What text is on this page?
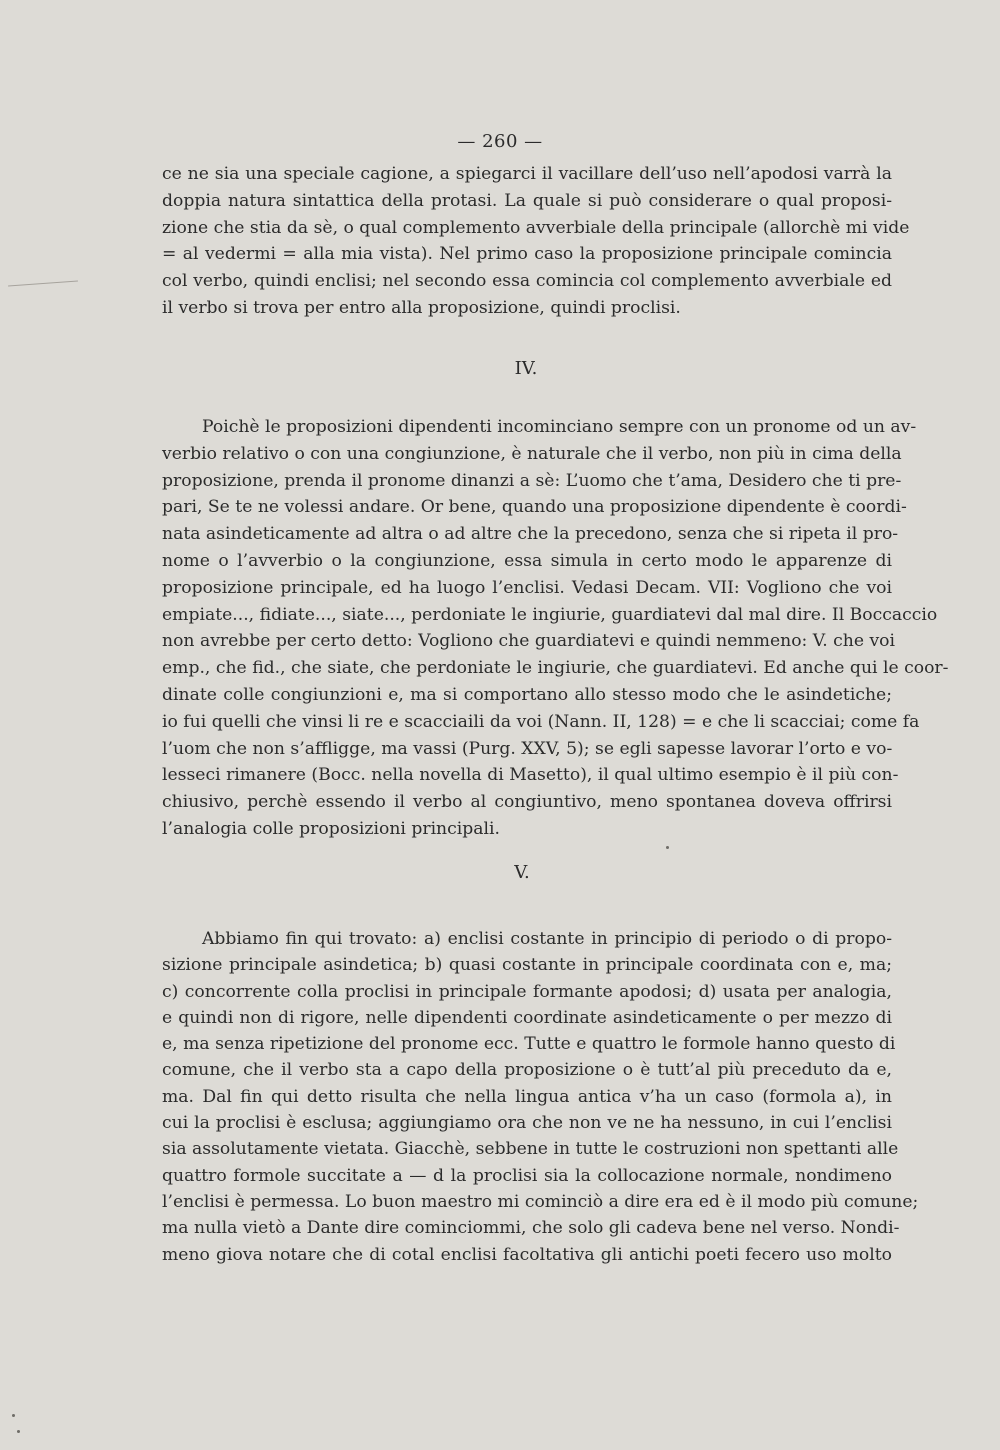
— 260 —
ce ne sia una speciale cagione, a spiegarci il vacillare dell’uso nell’apodosi varrà la
doppia natura sintattica della protasi. La quale si può considerare o qual proposi-
zione che stia da sè, o qual complemento avverbiale della principale (allorchè mi vide
= al vedermi = alla mia vista). Nel primo caso la proposizione principale comincia
col verbo, quindi enclisi; nel secondo essa comincia col complemento avverbiale ed
il verbo si trova per entro alla proposizione, quindi proclisi.
IV.
Poichè le proposizioni dipendenti incominciano sempre con un pronome od un av-
verbio relativo o con una congiunzione, è naturale che il verbo, non più in cima della
proposizione, prenda il pronome dinanzi a sè: L’uomo che t’ama, Desidero che ti pre-
pari, Se te ne volessi andare. Or bene, quando una proposizione dipendente è coordi-
nata asindeticamente ad altra o ad altre che la precedono, senza che si ripeta il pro-
nome o l’avverbio o la congiunzione, essa simula in certo modo le apparenze di
proposizione principale, ed ha luogo l’enclisi. Vedasi Decam. VII: Vogliono che voi
empiate..., fidiate..., siate..., perdoniate le ingiurie, guardiatevi dal mal dire. Il Boccaccio
non avrebbe per certo detto: Vogliono che guardiatevi e quindi nemmeno: V. che voi
emp., che fid., che siate, che perdoniate le ingiurie, che guardiatevi. Ed anche qui le coor-
dinate colle congiunzioni e, ma si comportano allo stesso modo che le asindetiche;
io fui quelli che vinsi li re e scacciaili da voi (Nann. II, 128) = e che li scacciai; come fa
l’uom che non s’affligge, ma vassi (Purg. XXV, 5); se egli sapesse lavorar l’orto e vo-
lesseci rimanere (Bocc. nella novella di Masetto), il qual ultimo esempio è il più con-
chiusivo, perchè essendo il verbo al congiuntivo, meno spontanea doveva offrirsi
l’analogia colle proposizioni principali.
V.
Abbiamo fin qui trovato: a) enclisi costante in principio di periodo o di propo-
sizione principale asindetica; b) quasi costante in principale coordinata con e, ma;
c) concorrente colla proclisi in principale formante apodosi; d) usata per analogia,
e quindi non di rigore, nelle dipendenti coordinate asindeticamente o per mezzo di
e, ma senza ripetizione del pronome ecc. Tutte e quattro le formole hanno questo di
comune, che il verbo sta a capo della proposizione o è tutt’al più preceduto da e,
ma. Dal fin qui detto risulta che nella lingua antica v’ha un caso (formola a), in
cui la proclisi è esclusa; aggiungiamo ora che non ve ne ha nessuno, in cui l’enclisi
sia assolutamente vietata. Giacchè, sebbene in tutte le costruzioni non spettanti alle
quattro formole succitate a — d la proclisi sia la collocazione normale, nondimeno
l’enclisi è permessa. Lo buon maestro mi cominciò a dire era ed è il modo più comune;
ma nulla vietò a Dante dire cominciommi, che solo gli cadeva bene nel verso. Nondi-
meno giova notare che di cotal enclisi facoltativa gli antichi poeti fecero uso molto
